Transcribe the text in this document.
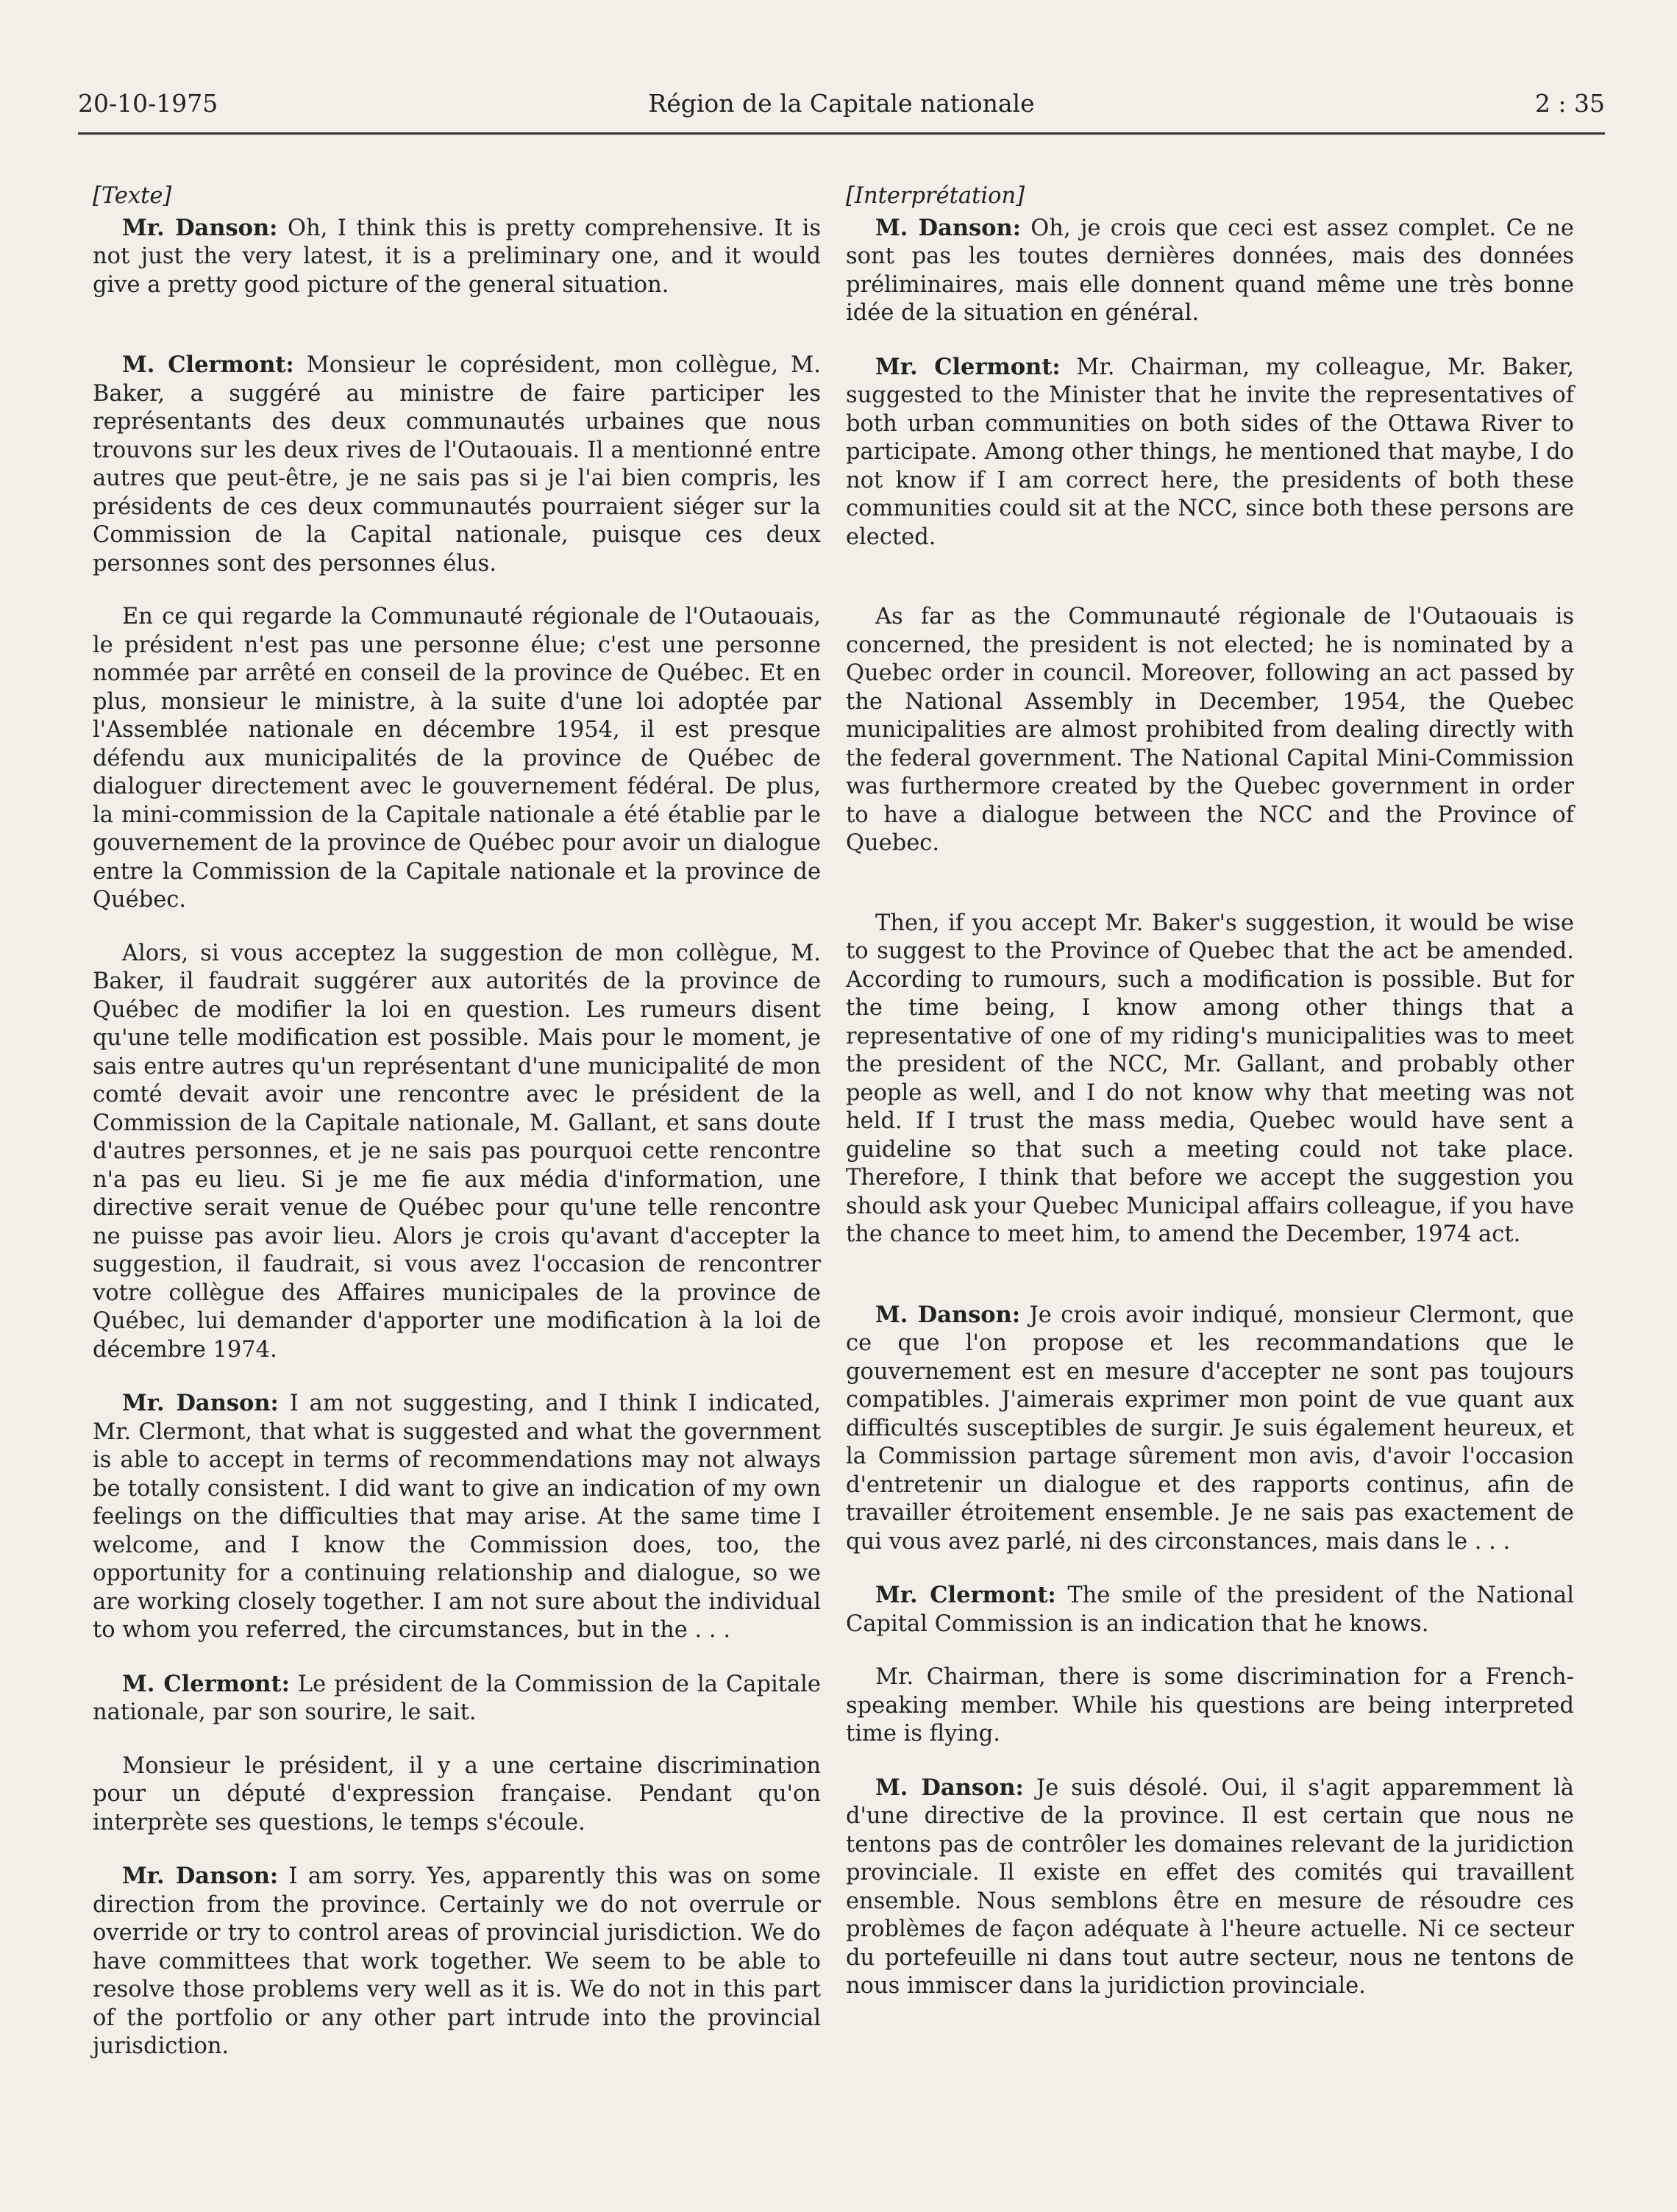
20-10-1975	Région de la Capitale nationale	2 : 35

[Texte]

Mr. Danson: Oh, I think this is pretty comprehensive. It is not just the very latest, it is a preliminary one, and it would give a pretty good picture of the general situation.

M. Clermont: Monsieur le coprésident, mon collègue, M. Baker, a suggéré au ministre de faire participer les représentants des deux communautés urbaines que nous trouvons sur les deux rives de l'Outaouais. Il a mentionné entre autres que peut-être, je ne sais pas si je l'ai bien compris, les présidents de ces deux communautés pourraient siéger sur la Commission de la Capital nationale, puisque ces deux personnes sont des personnes élus.

En ce qui regarde la Communauté régionale de l'Outaouais, le président n'est pas une personne élue; c'est une personne nommée par arrêté en conseil de la province de Québec. Et en plus, monsieur le ministre, à la suite d'une loi adoptée par l'Assemblée nationale en décembre 1954, il est presque défendu aux municipalités de la province de Québec de dialoguer directement avec le gouvernement fédéral. De plus, la mini-commission de la Capitale nationale a été établie par le gouvernement de la province de Québec pour avoir un dialogue entre la Commission de la Capitale nationale et la province de Québec.

Alors, si vous acceptez la suggestion de mon collègue, M. Baker, il faudrait suggérer aux autorités de la province de Québec de modifier la loi en question. Les rumeurs disent qu'une telle modification est possible. Mais pour le moment, je sais entre autres qu'un représentant d'une municipalité de mon comté devait avoir une rencontre avec le président de la Commission de la Capitale nationale, M. Gallant, et sans doute d'autres personnes, et je ne sais pas pourquoi cette rencontre n'a pas eu lieu. Si je me fie aux média d'information, une directive serait venue de Québec pour qu'une telle rencontre ne puisse pas avoir lieu. Alors je crois qu'avant d'accepter la suggestion, il faudrait, si vous avez l'occasion de rencontrer votre collègue des Affaires municipales de la province de Québec, lui demander d'apporter une modification à la loi de décembre 1974.

Mr. Danson: I am not suggesting, and I think I indicated, Mr. Clermont, that what is suggested and what the government is able to accept in terms of recommendations may not always be totally consistent. I did want to give an indication of my own feelings on the difficulties that may arise. At the same time I welcome, and I know the Commission does, too, the opportunity for a continuing relationship and dialogue, so we are working closely together. I am not sure about the individual to whom you referred, the circumstances, but in the . . .

M. Clermont: Le président de la Commission de la Capitale nationale, par son sourire, le sait.

Monsieur le président, il y a une certaine discrimination pour un député d'expression française. Pendant qu'on interprète ses questions, le temps s'écoule.

Mr. Danson: I am sorry. Yes, apparently this was on some direction from the province. Certainly we do not overrule or override or try to control areas of provincial jurisdiction. We do have committees that work together. We seem to be able to resolve those problems very well as it is. We do not in this part of the portfolio or any other part intrude into the provincial jurisdiction.

[Interprétation]

M. Danson: Oh, je crois que ceci est assez complet. Ce ne sont pas les toutes dernières données, mais des données préliminaires, mais elle donnent quand même une très bonne idée de la situation en général.

Mr. Clermont: Mr. Chairman, my colleague, Mr. Baker, suggested to the Minister that he invite the representatives of both urban communities on both sides of the Ottawa River to participate. Among other things, he mentioned that maybe, I do not know if I am correct here, the presidents of both these communities could sit at the NCC, since both these persons are elected.

As far as the Communauté régionale de l'Outaouais is concerned, the president is not elected; he is nominated by a Quebec order in council. Moreover, following an act passed by the National Assembly in December, 1954, the Quebec municipalities are almost prohibited from dealing directly with the federal government. The National Capital Mini-Commission was furthermore created by the Quebec government in order to have a dialogue between the NCC and the Province of Quebec.

Then, if you accept Mr. Baker's suggestion, it would be wise to suggest to the Province of Quebec that the act be amended. According to rumours, such a modification is possible. But for the time being, I know among other things that a representative of one of my riding's municipalities was to meet the president of the NCC, Mr. Gallant, and probably other people as well, and I do not know why that meeting was not held. If I trust the mass media, Quebec would have sent a guideline so that such a meeting could not take place. Therefore, I think that before we accept the suggestion you should ask your Quebec Municipal affairs colleague, if you have the chance to meet him, to amend the December, 1974 act.

M. Danson: Je crois avoir indiqué, monsieur Clermont, que ce que l'on propose et les recommandations que le gouvernement est en mesure d'accepter ne sont pas toujours compatibles. J'aimerais exprimer mon point de vue quant aux difficultés susceptibles de surgir. Je suis également heureux, et la Commission partage sûrement mon avis, d'avoir l'occasion d'entretenir un dialogue et des rapports continus, afin de travailler étroitement ensemble. Je ne sais pas exactement de qui vous avez parlé, ni des circonstances, mais dans le . . .

Mr. Clermont: The smile of the president of the National Capital Commission is an indication that he knows.

Mr. Chairman, there is some discrimination for a French-speaking member. While his questions are being interpreted time is flying.

M. Danson: Je suis désolé. Oui, il s'agit apparemment là d'une directive de la province. Il est certain que nous ne tentons pas de contrôler les domaines relevant de la juridiction provinciale. Il existe en effet des comités qui travaillent ensemble. Nous semblons être en mesure de résoudre ces problèmes de façon adéquate à l'heure actuelle. Ni ce secteur du portefeuille ni dans tout autre secteur, nous ne tentons de nous immiscer dans la juridiction provinciale.
